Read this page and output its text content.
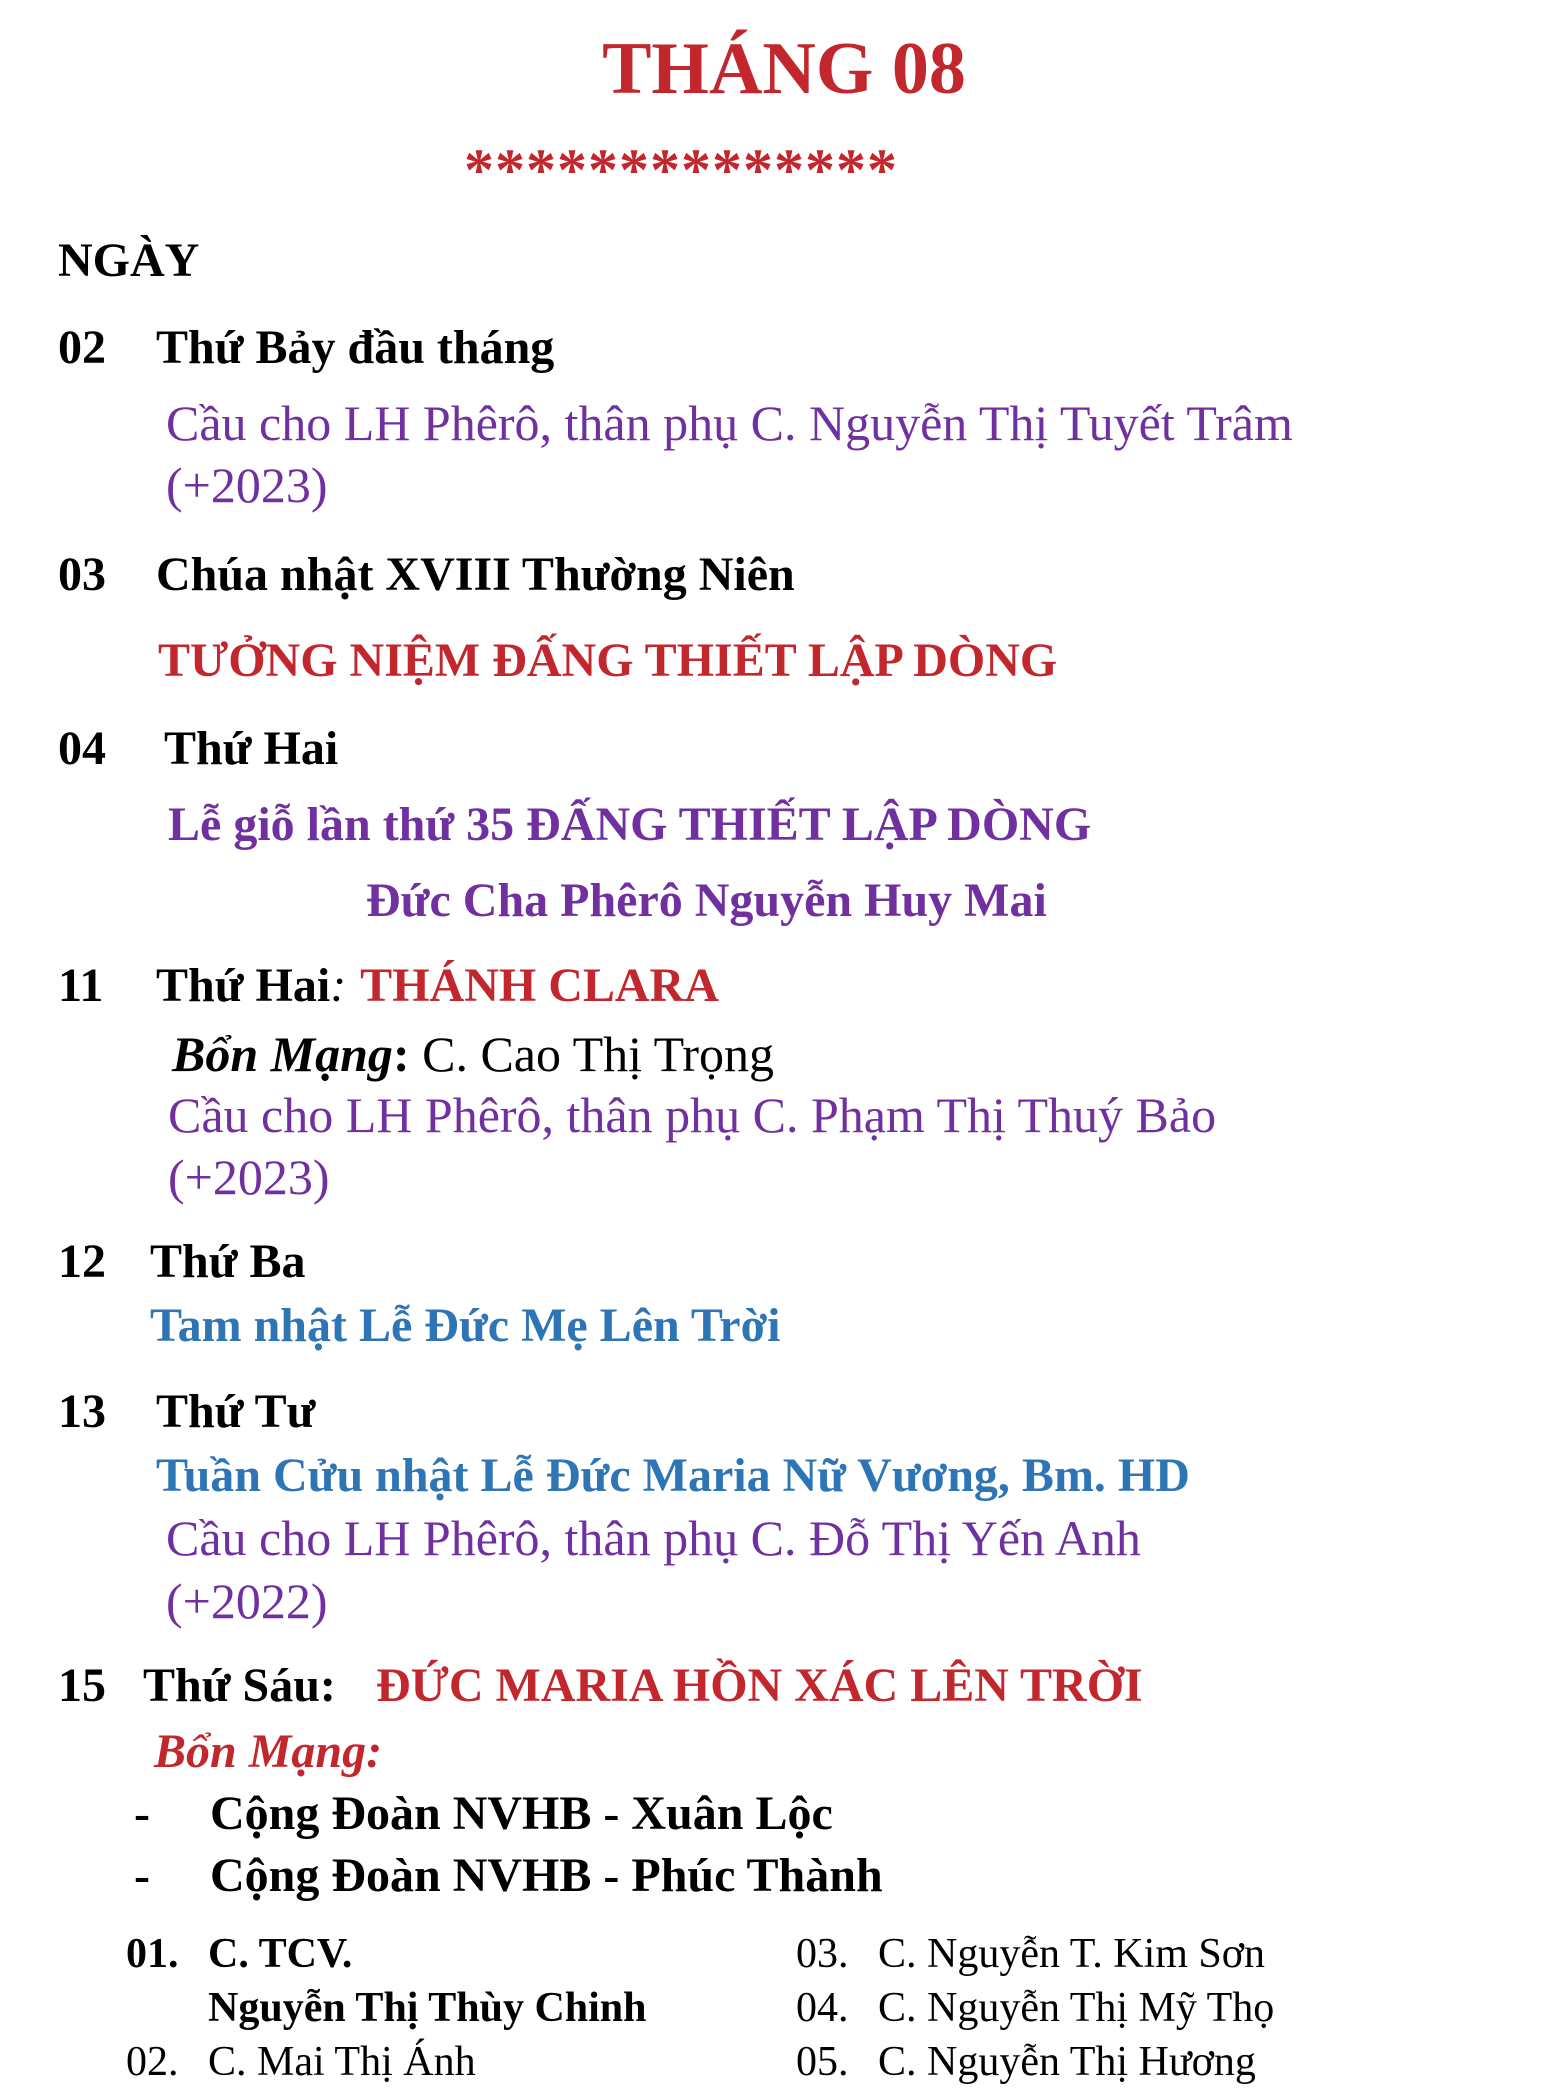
THÁNG 08
**************
NGÀY
02 Thứ Bảy đầu tháng
Cầu cho LH Phêrô, thân phụ C. Nguyễn Thị Tuyết Trâm
(+2023)
03 Chúa nhật XVIII Thường Niên
TƯỞNG NIỆM ĐẤNG THIẾT LẬP DÒNG
04 Thứ Hai
Lễ giỗ lần thứ 35 ĐẤNG THIẾT LẬP DÒNG
Đức Cha Phêrô Nguyễn Huy Mai
11 Thứ Hai: THÁNH CLARA
Bổn Mạng: C. Cao Thị Trọng
Cầu cho LH Phêrô, thân phụ C. Phạm Thị Thuý Bảo
(+2023)
12 Thứ Ba
Tam nhật Lễ Đức Mẹ Lên Trời
13 Thứ Tư
Tuần Cửu nhật Lễ Đức Maria Nữ Vương, Bm. HD
Cầu cho LH Phêrô, thân phụ C. Đỗ Thị Yến Anh
(+2022)
15 Thứ Sáu: ĐỨC MARIA HỒN XÁC LÊN TRỜI
Bổn Mạng:
- Cộng Đoàn NVHB - Xuân Lộc
- Cộng Đoàn NVHB - Phúc Thành
01. C. TCV.
Nguyễn Thị Thùy Chinh
02. C. Mai Thị Ánh
03. C. Nguyễn T. Kim Sơn
04. C. Nguyễn Thị Mỹ Thọ
05. C. Nguyễn Thị Hương
